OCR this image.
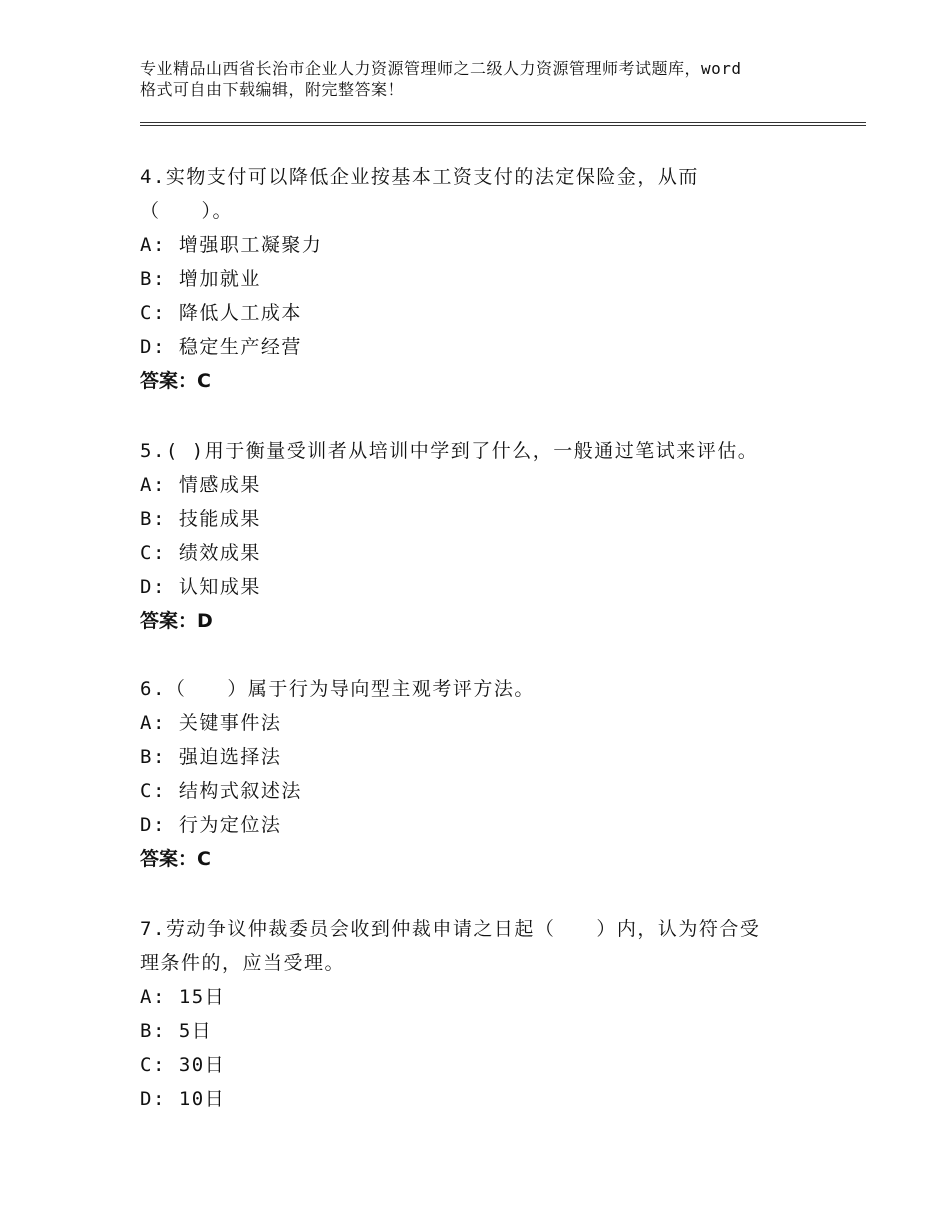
专业精品山西省长治市企业人力资源管理师之二级人力资源管理师考试题库，word
格式可自由下载编辑，附完整答案！

4.实物支付可以降低企业按基本工资支付的法定保险金，从而

（　　）。

A: 增强职工凝聚力

B: 增加就业

C: 降低人工成本

D: 稳定生产经营

答案：C

5.( )用于衡量受训者从培训中学到了什么，一般通过笔试来评估。

A: 情感成果

B: 技能成果

C: 绩效成果

D: 认知成果

答案：D

6.（　　）属于行为导向型主观考评方法。

A: 关键事件法

B: 强迫选择法

C: 结构式叙述法

D: 行为定位法

答案：C

7.劳动争议仲裁委员会收到仲裁申请之日起（　　）内，认为符合受

理条件的，应当受理。

A: 15日

B: 5日

C: 30日

D: 10日
